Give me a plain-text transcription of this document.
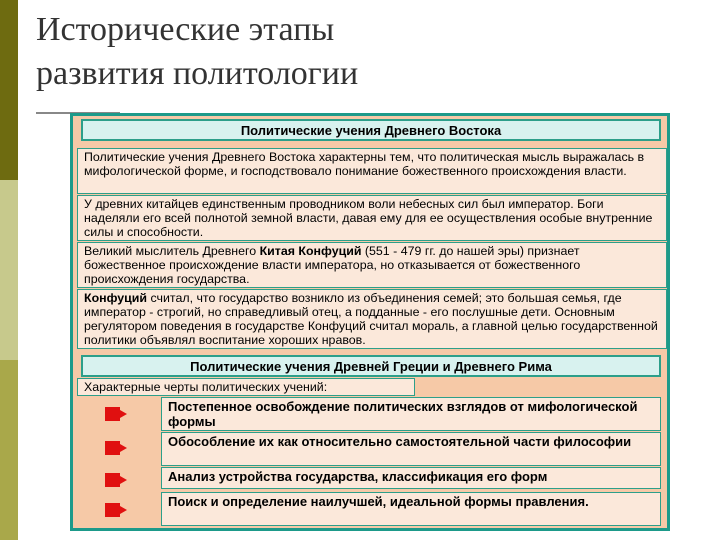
Исторические этапы
развития политологии
Политические учения Древнего Востока
Политические учения Древнего Востока характерны тем, что политическая мысль выражалась в мифологической форме, и господствовало понимание божественного происхождения власти.
У древних китайцев единственным проводником воли небесных сил был император. Боги наделяли его всей полнотой земной власти, давая ему для ее осуществления особые внутренние силы и способности.
Великий мыслитель Древнего Китая Конфуций (551 - 479 гг. до нашей эры) признает божественное происхождение власти императора, но отказывается от божественного происхождения государства.
Конфуций считал, что государство возникло из объединения семей; это большая семья, где император - строгий, но справедливый отец, а подданные - его послушные дети. Основным регулятором поведения в государстве Конфуций считал мораль, а главной целью государственной политики объявлял воспитание хороших нравов.
Политические учения Древней Греции и Древнего Рима
Характерные черты политических учений:
Постепенное освобождение политических взглядов от мифологической формы
Обособление их как относительно самостоятельной части философии
Анализ устройства государства, классификация его форм
Поиск и определение наилучшей, идеальной формы правления.
